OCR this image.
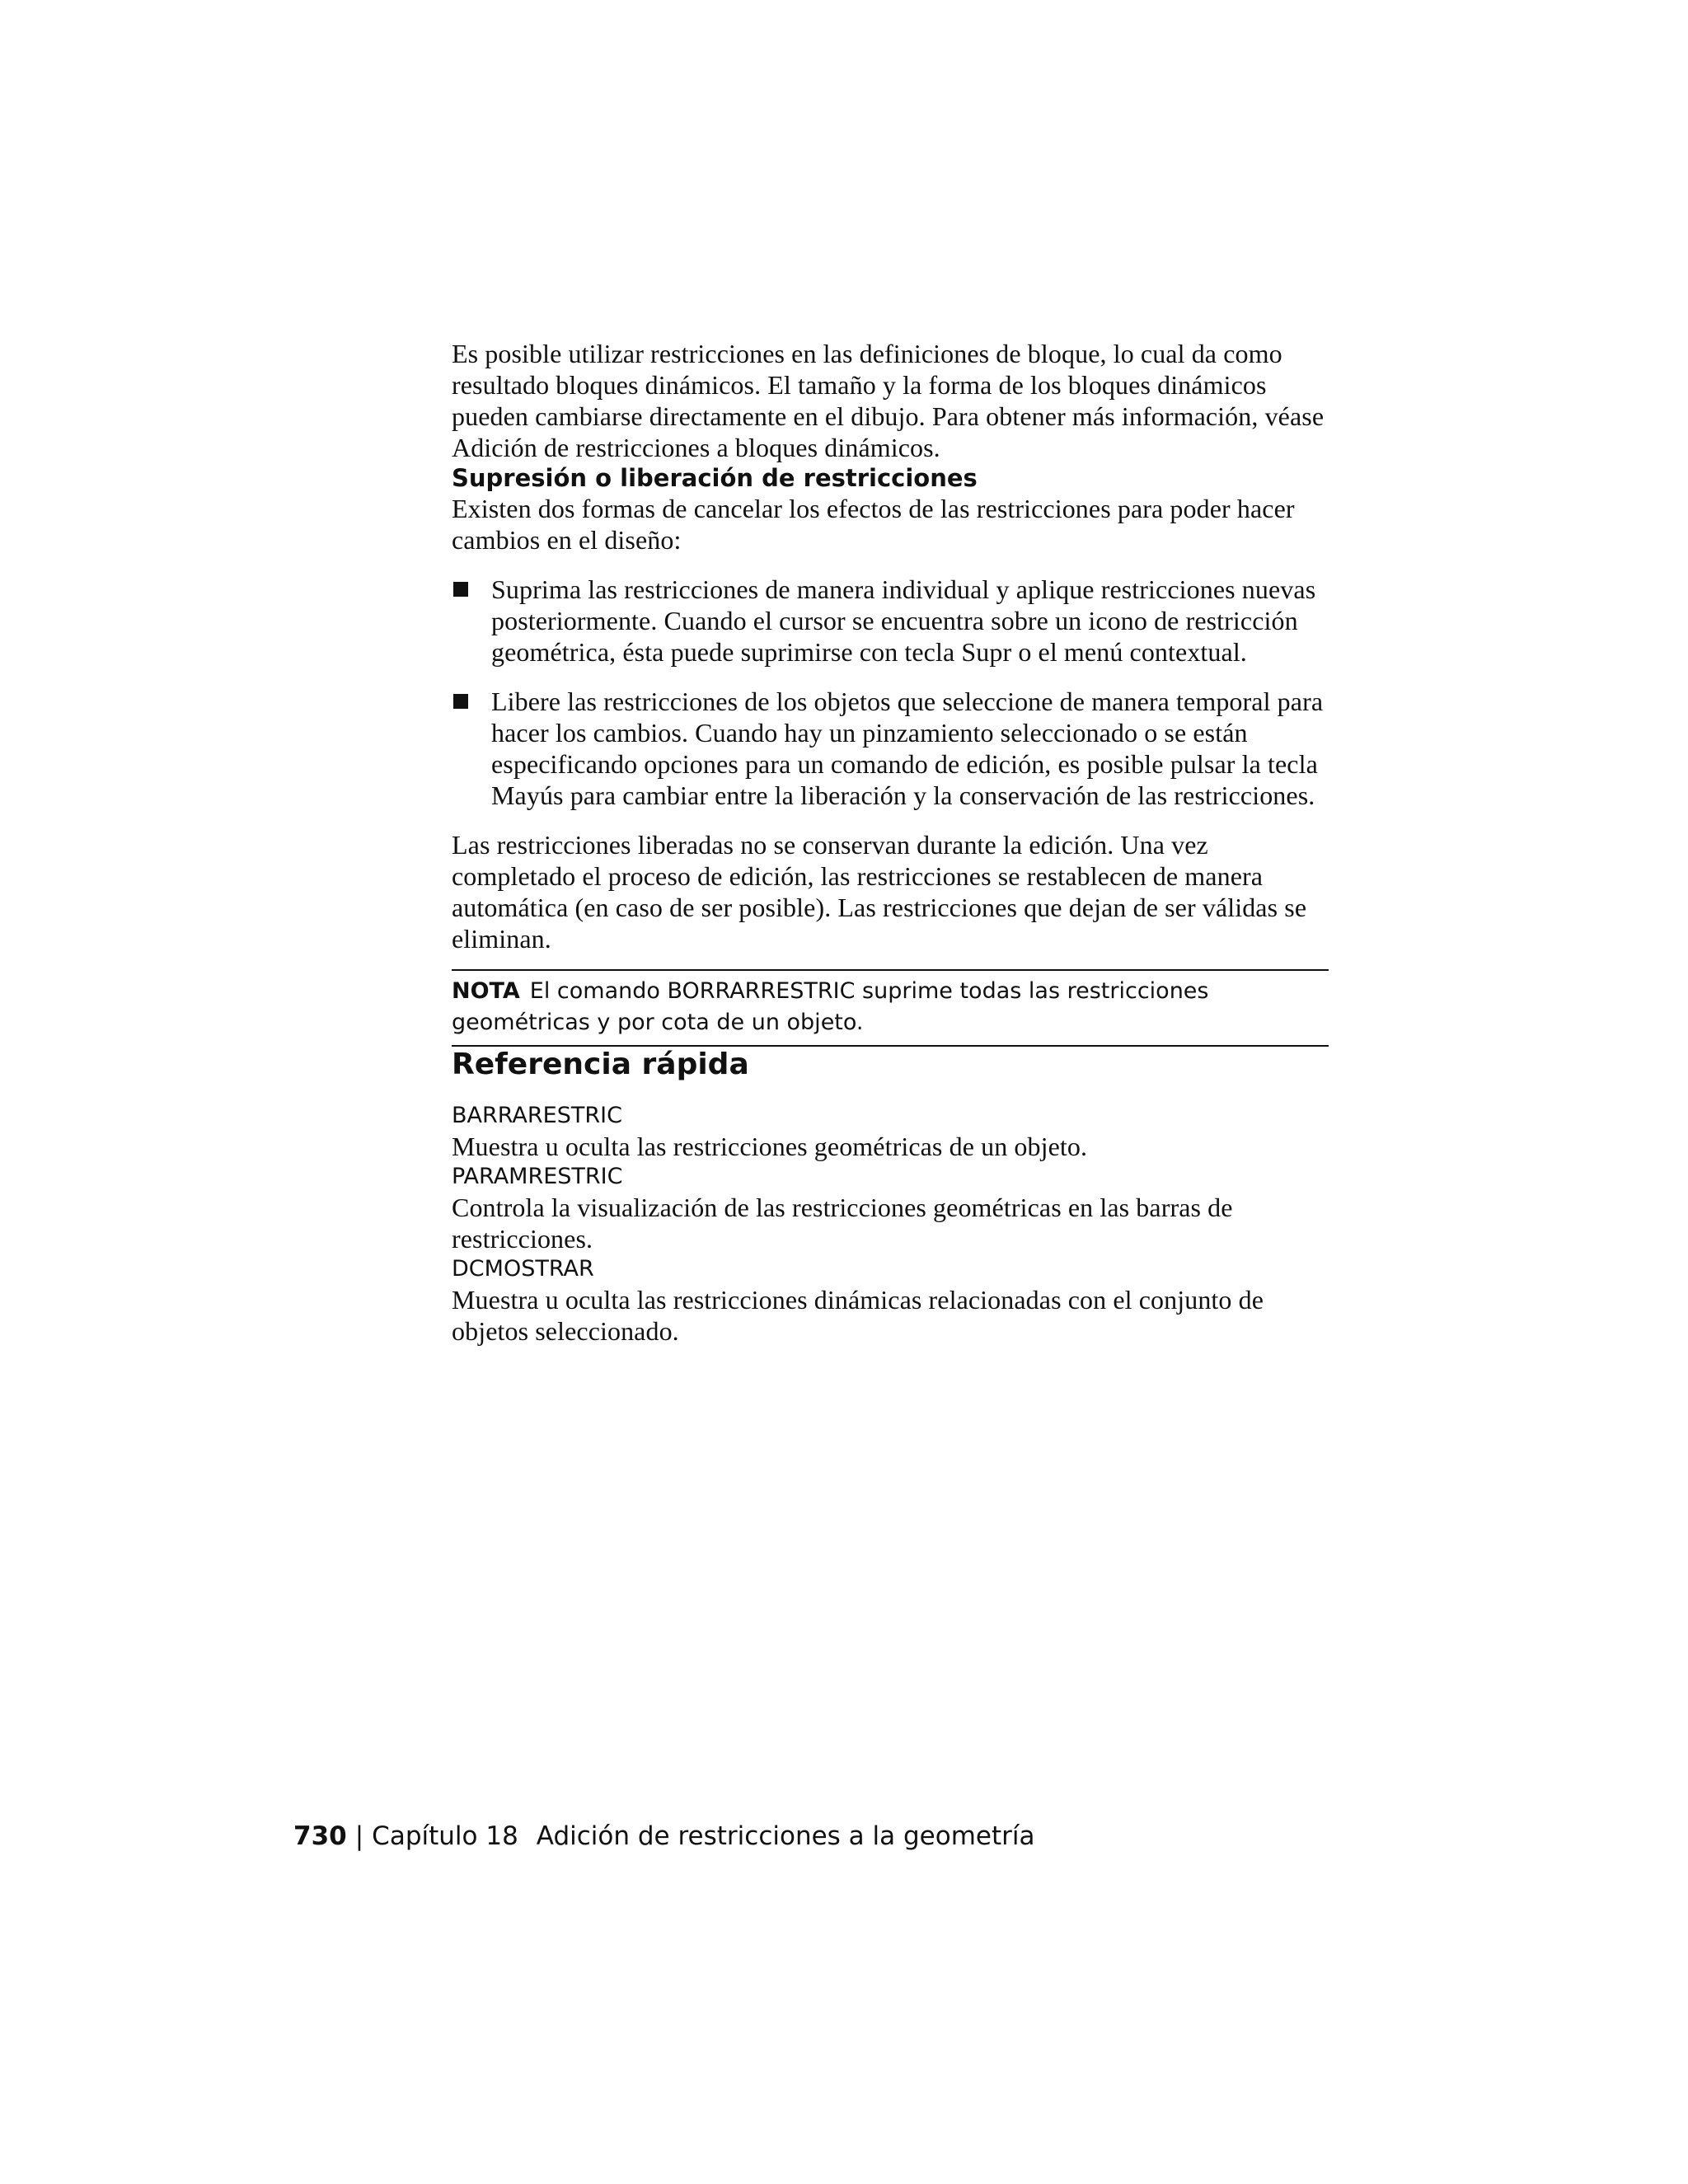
Es posible utilizar restricciones en las definiciones de bloque, lo cual da como resultado bloques dinámicos. El tamaño y la forma de los bloques dinámicos pueden cambiarse directamente en el dibujo. Para obtener más información, véase Adición de restricciones a bloques dinámicos.

Supresión o liberación de restricciones

Existen dos formas de cancelar los efectos de las restricciones para poder hacer cambios en el diseño:

Suprima las restricciones de manera individual y aplique restricciones nuevas posteriormente. Cuando el cursor se encuentra sobre un icono de restricción geométrica, ésta puede suprimirse con tecla Supr o el menú contextual.

Libere las restricciones de los objetos que seleccione de manera temporal para hacer los cambios. Cuando hay un pinzamiento seleccionado o se están especificando opciones para un comando de edición, es posible pulsar la tecla Mayús para cambiar entre la liberación y la conservación de las restricciones.

Las restricciones liberadas no se conservan durante la edición. Una vez completado el proceso de edición, las restricciones se restablecen de manera automática (en caso de ser posible). Las restricciones que dejan de ser válidas se eliminan.

NOTA El comando BORRARRESTRIC suprime todas las restricciones geométricas y por cota de un objeto.
Referencia rápida

BARRARESTRIC

Muestra u oculta las restricciones geométricas de un objeto.

PARAMRESTRIC

Controla la visualización de las restricciones geométricas en las barras de restricciones.

DCMOSTRAR

Muestra u oculta las restricciones dinámicas relacionadas con el conjunto de objetos seleccionado.

730 | Capítulo 18 Adición de restricciones a la geometría
